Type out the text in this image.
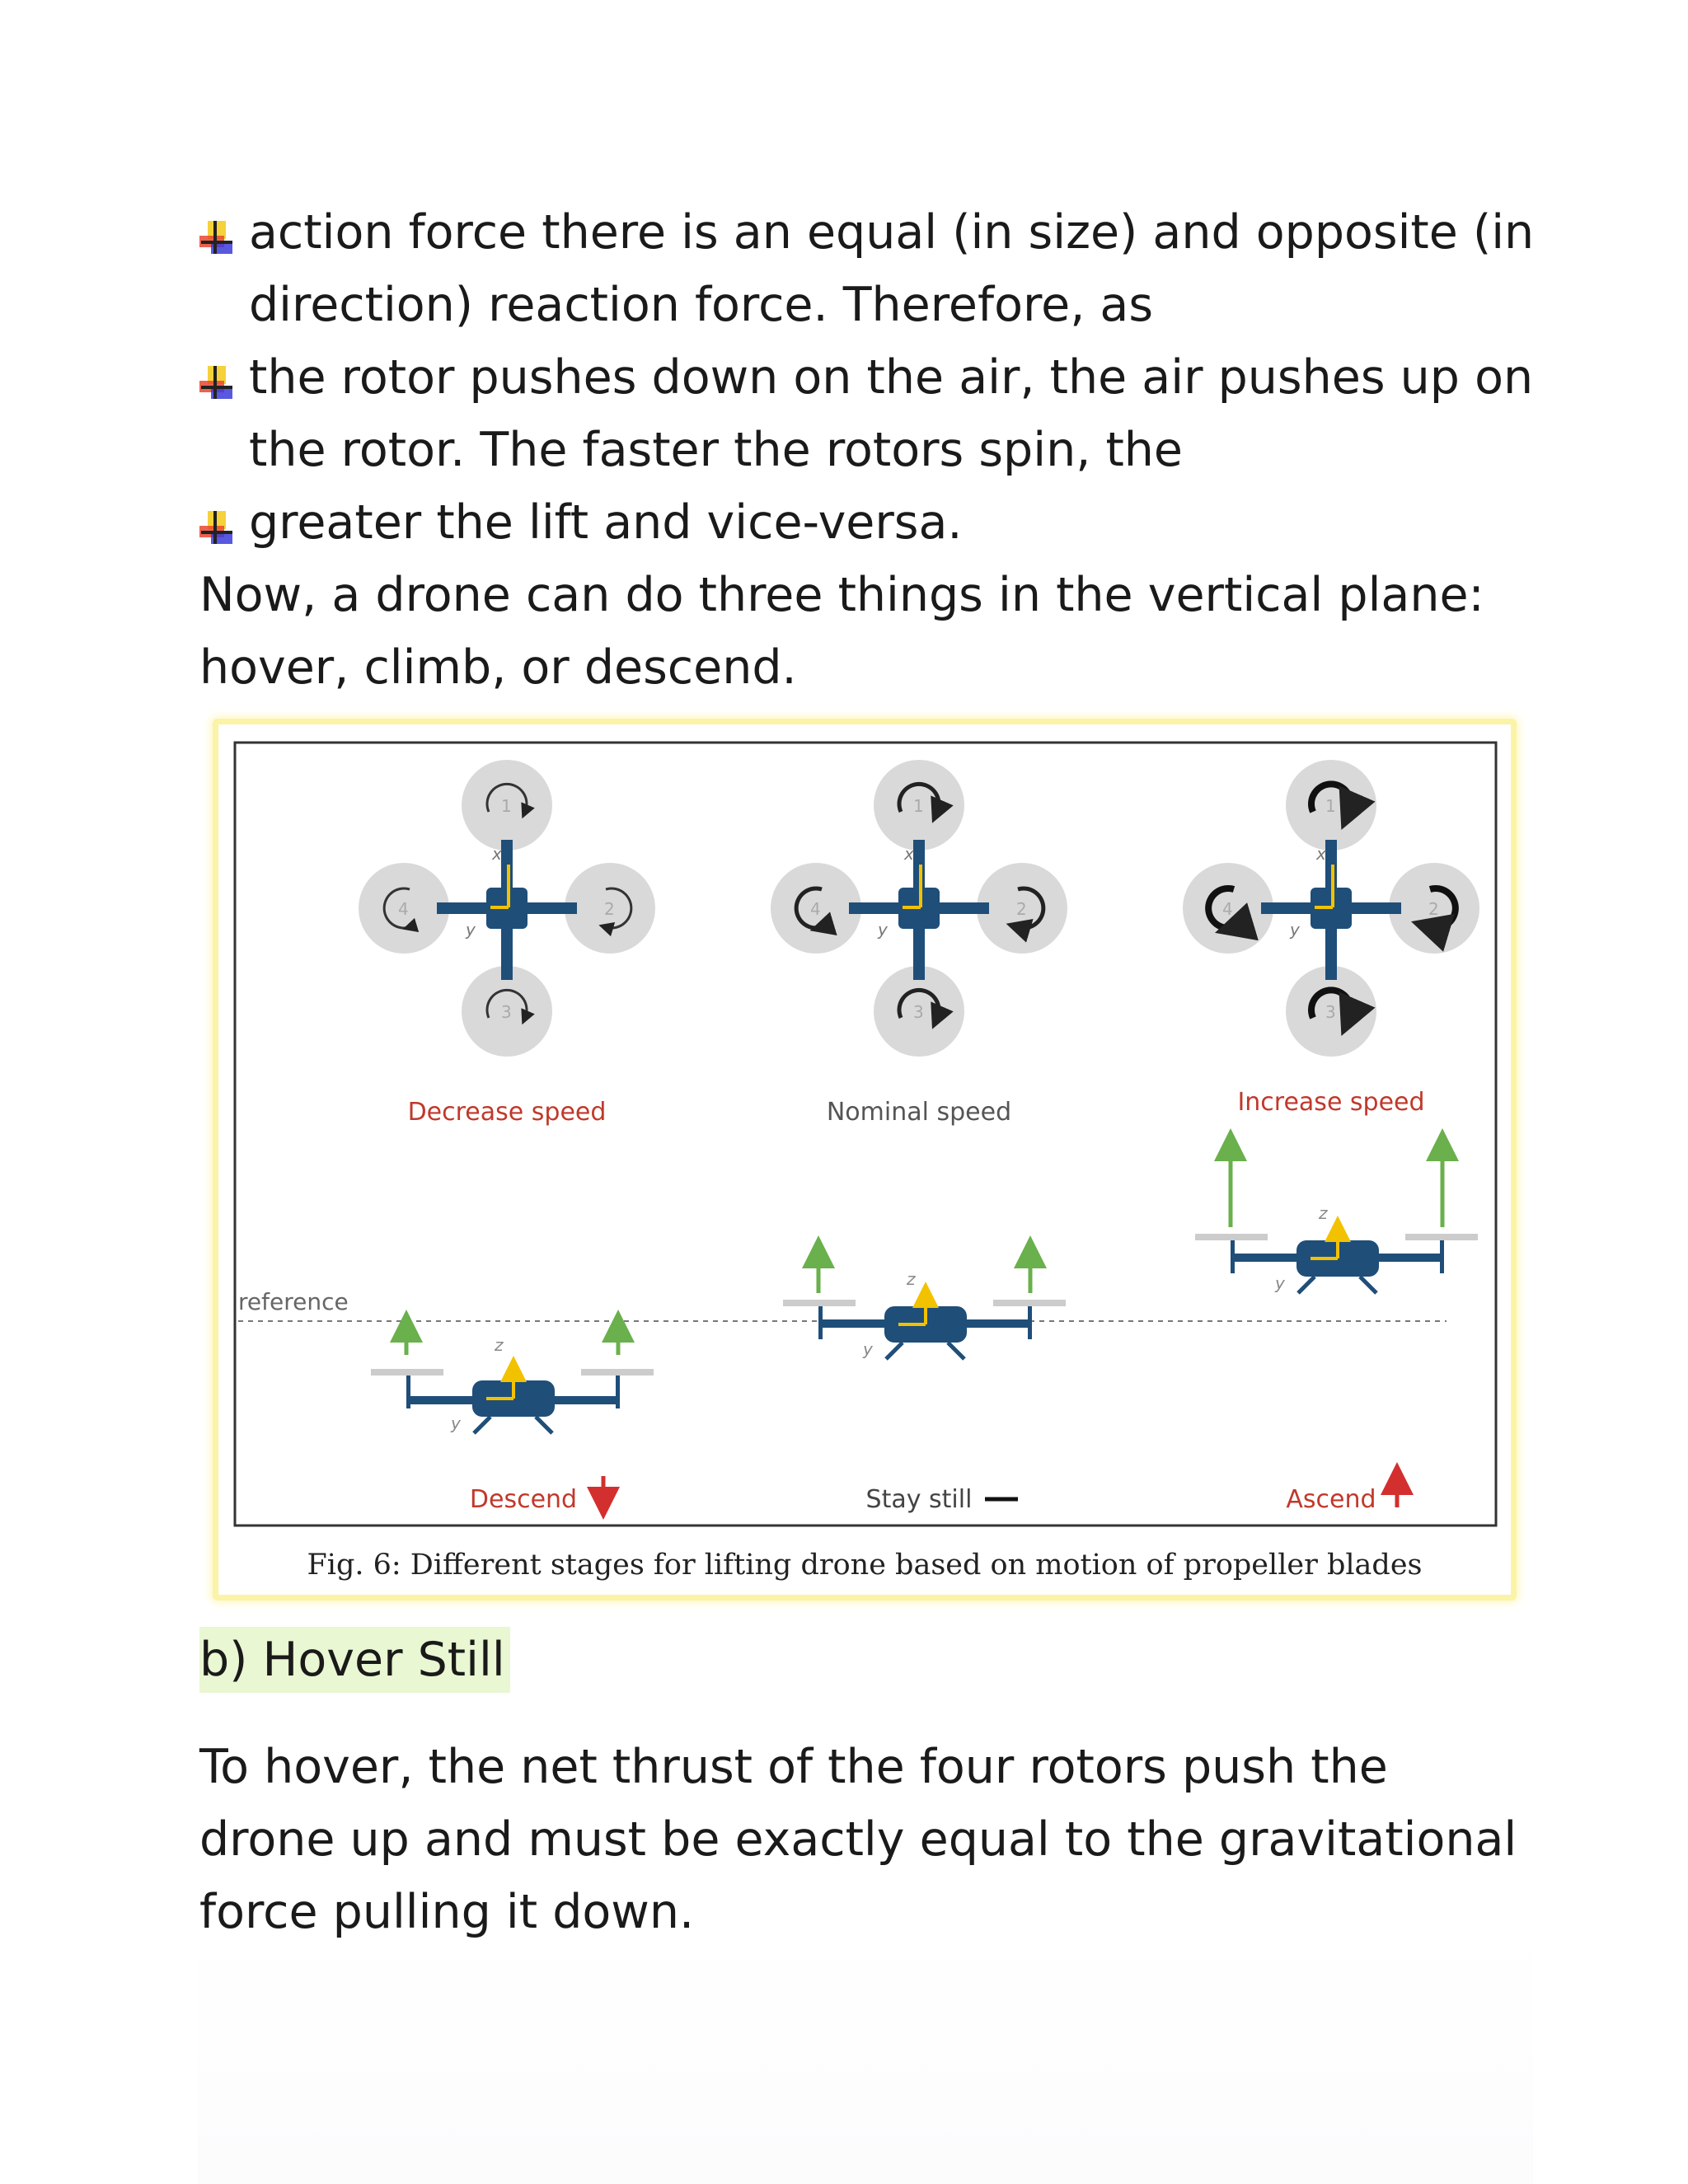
action force there is an equal (in size) and opposite (in
direction) reaction force. Therefore, as
the rotor pushes down on the air, the air pushes up on
the rotor. The faster the rotors spin, the
greater the lift and vice-versa.
Now, a drone can do three things in the vertical plane:
hover, climb, or descend.
x
y
1
2
3
4
x
y
1
2
3
4
x
y
1
2
3
4
Decrease speed	Nominal speed	Increase speed
reference
z
y
z
y
z
y
Descend	Stay still	Ascend
Fig. 6: Different stages for lifting drone based on motion of propeller blades
b) Hover Still
To hover, the net thrust of the four rotors push the
drone up and must be exactly equal to the gravitational
force pulling it down.
